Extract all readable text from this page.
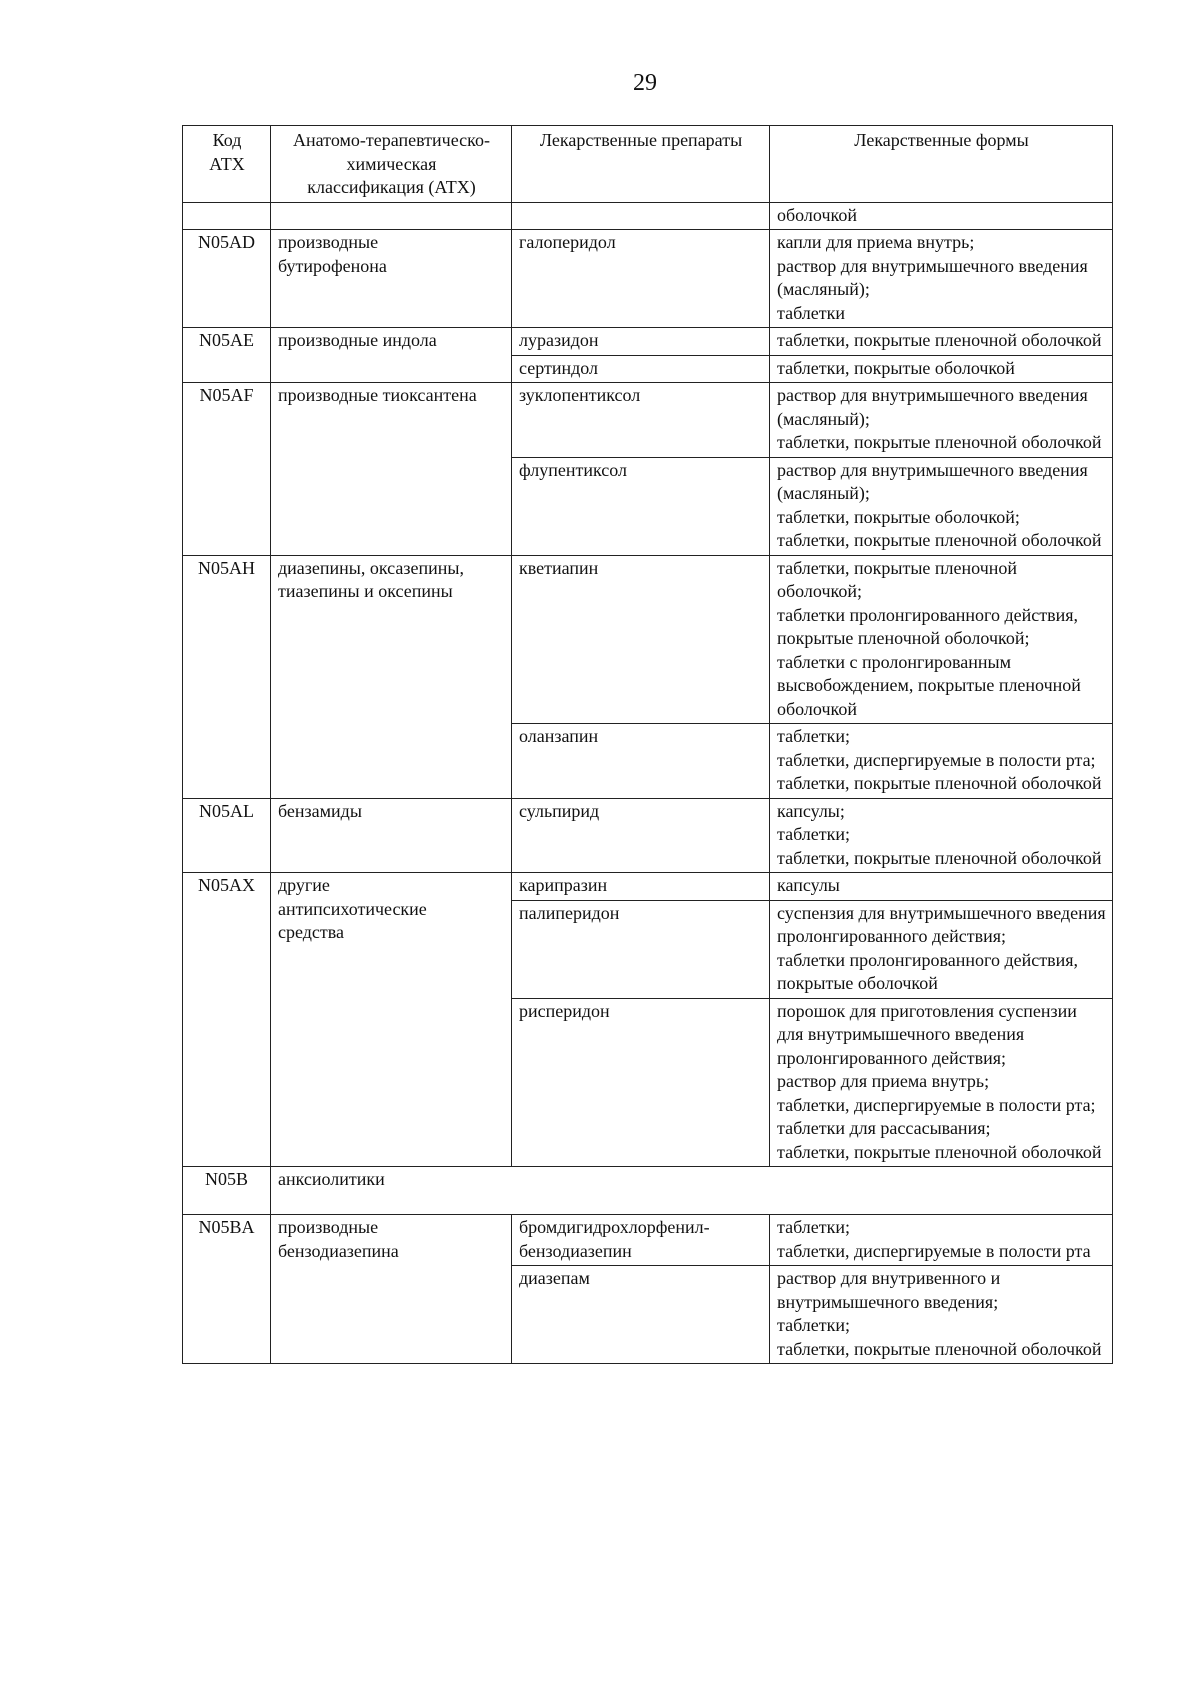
29
Код
АТХ	Анатомо-терапевтическо-
химическая
классификация (АТХ)	Лекарственные препараты	Лекарственные формы
			оболочкой
N05AD	производные
бутирофенона	галоперидол	капли для приема внутрь;
раствор для внутримышечного введения (масляный);
таблетки
N05AE	производные индола	луразидон	таблетки, покрытые пленочной оболочкой
		сертиндол	таблетки, покрытые оболочкой
N05AF	производные тиоксантена	зуклопентиксол	раствор для внутримышечного введения (масляный);
таблетки, покрытые пленочной оболочкой
		флупентиксол	раствор для внутримышечного введения (масляный);
таблетки, покрытые оболочкой;
таблетки, покрытые пленочной оболочкой
N05AH	диазепины, оксазепины,
тиазепины и оксепины	кветиапин	таблетки, покрытые пленочной оболочкой;
таблетки пролонгированного действия, покрытые пленочной оболочкой;
таблетки с пролонгированным высвобождением, покрытые пленочной оболочкой
		оланзапин	таблетки;
таблетки, диспергируемые в полости рта;
таблетки, покрытые пленочной оболочкой
N05AL	бензамиды	сульпирид	капсулы;
таблетки;
таблетки, покрытые пленочной оболочкой
N05AX	другие
антипсихотические
средства	карипразин	капсулы
		палиперидон	суспензия для внутримышечного введения пролонгированного действия;
таблетки пролонгированного действия, покрытые оболочкой
		рисперидон	порошок для приготовления суспензии для внутримышечного введения пролонгированного действия;
раствор для приема внутрь;
таблетки, диспергируемые в полости рта;
таблетки для рассасывания;
таблетки, покрытые пленочной оболочкой
N05B	анксиолитики		
N05BA	производные
бензодиазепина	бромдигидрохлорфенил-
бензодиазепин	таблетки;
таблетки, диспергируемые в полости рта
		диазепам	раствор для внутривенного и внутримышечного введения;
таблетки;
таблетки, покрытые пленочной оболочкой
